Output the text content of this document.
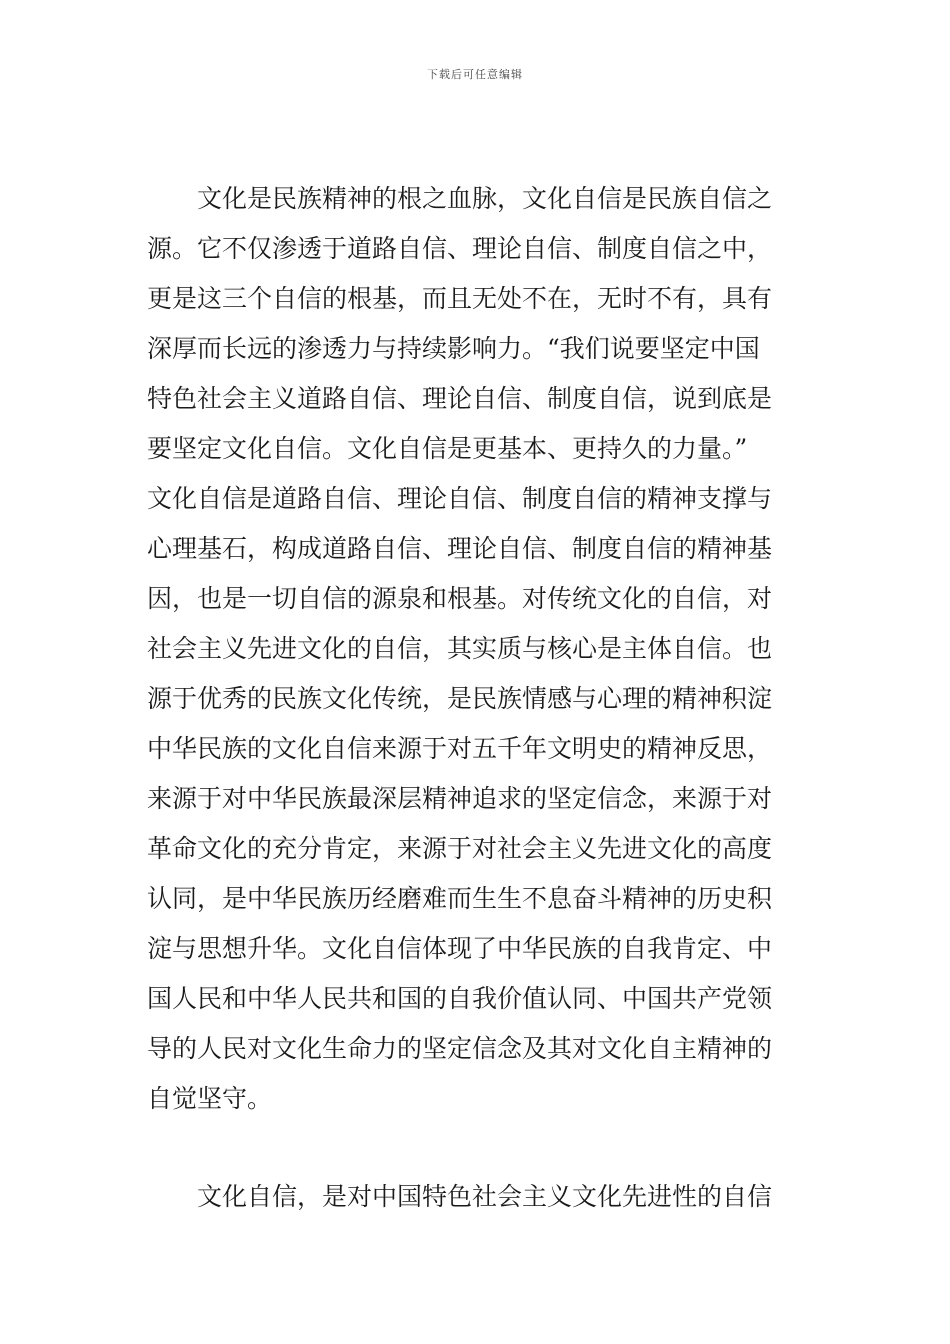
下载后可任意编辑
文化是民族精神的根之血脉，文化自信是民族自信之
源。它不仅渗透于道路自信、理论自信、制度自信之中，
更是这三个自信的根基，而且无处不在，无时不有，具有
深厚而长远的渗透力与持续影响力。“我们说要坚定中国
特色社会主义道路自信、理论自信、制度自信，说到底是
要坚定文化自信。文化自信是更基本、更持久的力量。”
文化自信是道路自信、理论自信、制度自信的精神支撑与
心理基石，构成道路自信、理论自信、制度自信的精神基
因，也是一切自信的源泉和根基。对传统文化的自信，对
社会主义先进文化的自信，其实质与核心是主体自信。也
源于优秀的民族文化传统，是民族情感与心理的精神积淀
中华民族的文化自信来源于对五千年文明史的精神反思，
来源于对中华民族最深层精神追求的坚定信念，来源于对
革命文化的充分肯定，来源于对社会主义先进文化的高度
认同，是中华民族历经磨难而生生不息奋斗精神的历史积
淀与思想升华。文化自信体现了中华民族的自我肯定、中
国人民和中华人民共和国的自我价值认同、中国共产党领
导的人民对文化生命力的坚定信念及其对文化自主精神的
自觉坚守。
文化自信，是对中国特色社会主义文化先进性的自信
